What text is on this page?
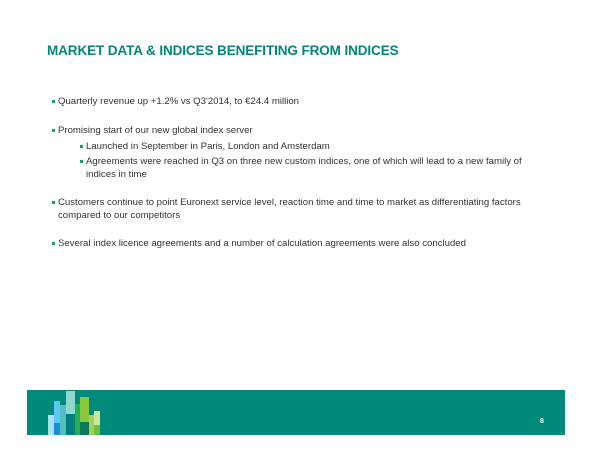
MARKET DATA & INDICES BENEFITING FROM INDICES
Quarterly revenue up +1.2% vs Q3'2014, to €24.4 million
Promising start of our new global index server
Launched in September in Paris, London and Amsterdam
Agreements were reached in Q3 on three new custom indices, one of which will lead to a new family of indices in time
Customers continue to point Euronext service level, reaction time and time to market as differentiating factors compared to our competitors
Several index licence agreements and a number of calculation agreements were also concluded
8
